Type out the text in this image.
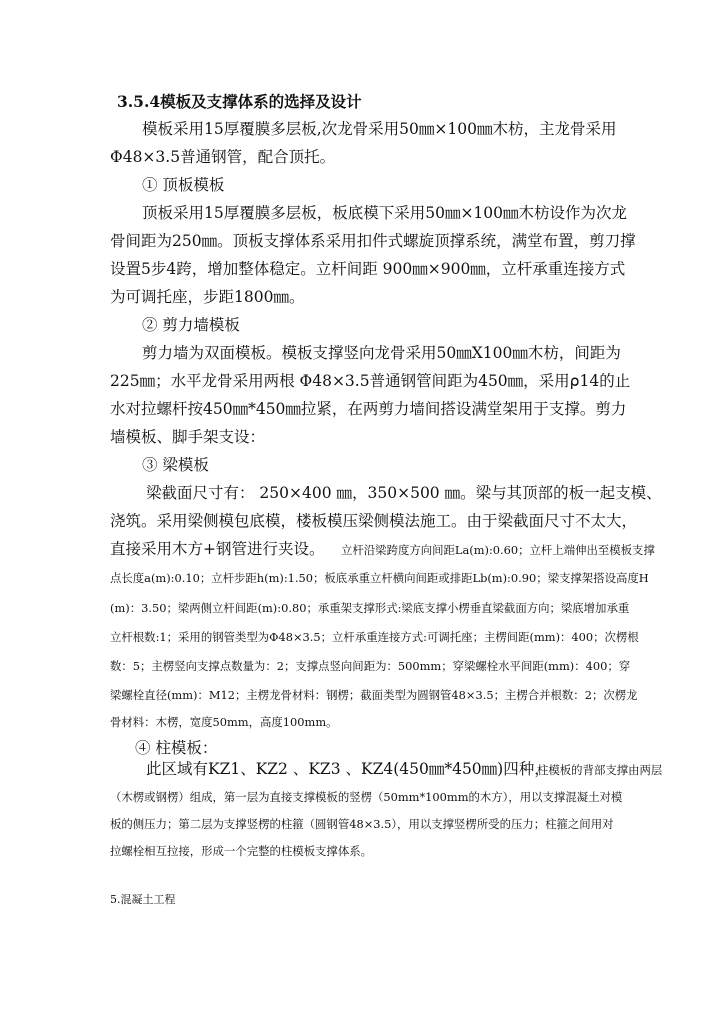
3.5.4模板及支撑体系的选择及设计
模板采用15厚覆膜多层板,次龙骨采用50㎜×100㎜木枋，主龙骨采用
Φ48×3.5普通钢管，配合顶托。
① 顶板模板
顶板采用15厚覆膜多层板，板底模下采用50㎜×100㎜木枋设作为次龙
骨间距为250㎜。顶板支撑体系采用扣件式螺旋顶撑系统，满堂布置，剪刀撑
设置5步4跨，增加整体稳定。立杆间距 900㎜×900㎜，立杆承重连接方式
为可调托座，步距1800㎜。
② 剪力墙模板
剪力墙为双面模板。模板支撑竖向龙骨采用50㎜X100㎜木枋，间距为
225㎜；水平龙骨采用两根 Φ48×3.5普通钢管间距为450㎜，采用⍴14的止
水对拉螺杆按450㎜*450㎜拉紧，在两剪力墙间搭设满堂架用于支撑。剪力
墙模板、脚手架支设：
③ 梁模板
梁截面尺寸有： 250×400 ㎜，350×500 ㎜。梁与其顶部的板一起支模、
浇筑。采用梁侧模包底模，楼板模压梁侧模法施工。由于梁截面尺寸不太大，
直接采用木方+钢管进行夹设。 立杆沿梁跨度方向间距La(m):0.60；立杆上端伸出至模板支撑
点长度a(m):0.10；立杆步距h(m):1.50；板底承重立杆横向间距或排距Lb(m):0.90；梁支撑架搭设高度H
(m)：3.50；梁两侧立杆间距(m):0.80；承重架支撑形式:梁底支撑小楞垂直梁截面方向；梁底增加承重
立杆根数:1；采用的钢管类型为Φ48×3.5；立杆承重连接方式:可调托座；主楞间距(mm)：400；次楞根
数：5；主楞竖向支撑点数量为：2；支撑点竖向间距为：500mm；穿梁螺栓水平间距(mm)：400；穿
梁螺栓直径(mm)：M12；主楞龙骨材料：钢楞；截面类型为圆钢管48×3.5；主楞合并根数：2；次楞龙
骨材料：木楞，宽度50mm，高度100mm。
④ 柱模板：
此区域有KZ1、KZ2 、KZ3 、KZ4(450㎜*450㎜)四种，
柱模板的背部支撑由两层
（木楞或钢楞）组成，第一层为直接支撑模板的竖楞（50mm*100mm的木方），用以支撑混凝土对模
板的侧压力；第二层为支撑竖楞的柱箍（圆钢管48×3.5），用以支撑竖楞所受的压力；柱箍之间用对
拉螺栓相互拉接，形成一个完整的柱模板支撑体系。
5.混凝土工程
